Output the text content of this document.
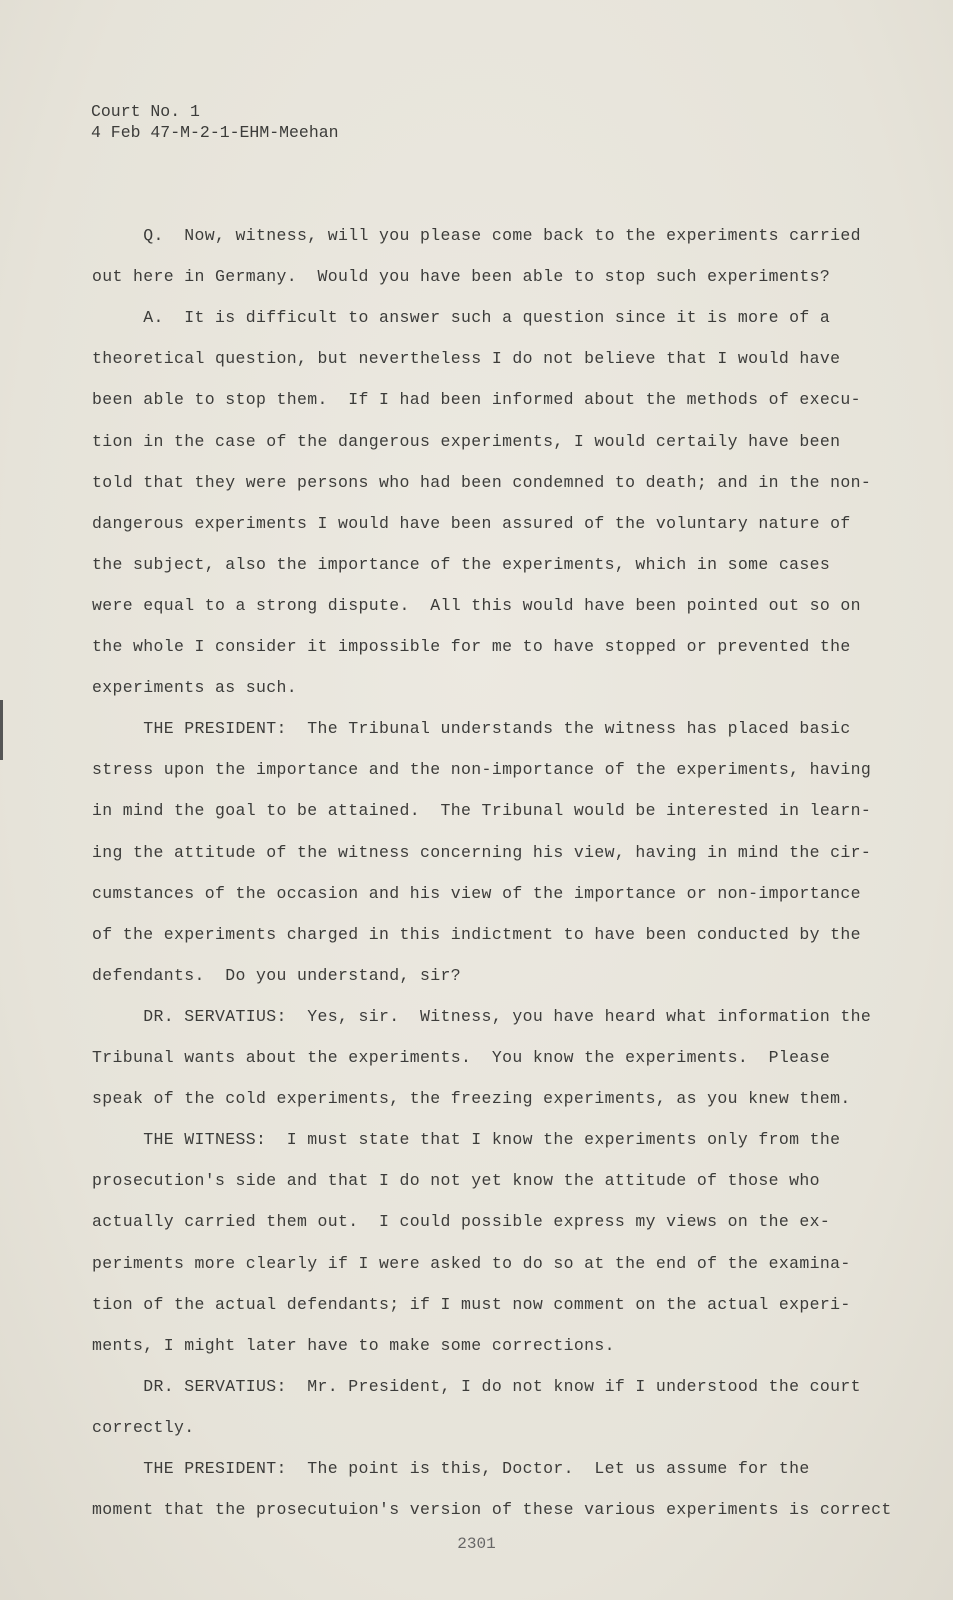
Court No. 1
4 Feb 47-M-2-1-EHM-Meehan
Q.  Now, witness, will you please come back to the experiments carried
out here in Germany.  Would you have been able to stop such experiments?
A.  It is difficult to answer such a question since it is more of a
theoretical question, but nevertheless I do not believe that I would have
been able to stop them.  If I had been informed about the methods of execu-
tion in the case of the dangerous experiments, I would certaily have been
told that they were persons who had been condemned to death; and in the non-
dangerous experiments I would have been assured of the voluntary nature of
the subject, also the importance of the experiments, which in some cases
were equal to a strong dispute.  All this would have been pointed out so on
the whole I consider it impossible for me to have stopped or prevented the
experiments as such.
THE PRESIDENT:  The Tribunal understands the witness has placed basic
stress upon the importance and the non-importance of the experiments, having
in mind the goal to be attained.  The Tribunal would be interested in learn-
ing the attitude of the witness concerning his view, having in mind the cir-
cumstances of the occasion and his view of the importance or non-importance
of the experiments charged in this indictment to have been conducted by the
defendants.  Do you understand, sir?
DR. SERVATIUS:  Yes, sir.  Witness, you have heard what information the
Tribunal wants about the experiments.  You know the experiments.  Please
speak of the cold experiments, the freezing experiments, as you knew them.
THE WITNESS:  I must state that I know the experiments only from the
prosecution's side and that I do not yet know the attitude of those who
actually carried them out.  I could possible express my views on the ex-
periments more clearly if I were asked to do so at the end of the examina-
tion of the actual defendants; if I must now comment on the actual experi-
ments, I might later have to make some corrections.
DR. SERVATIUS:  Mr. President, I do not know if I understood the court
correctly.
THE PRESIDENT:  The point is this, Doctor.  Let us assume for the
moment that the prosecutuion's version of these various experiments is correct
2301
